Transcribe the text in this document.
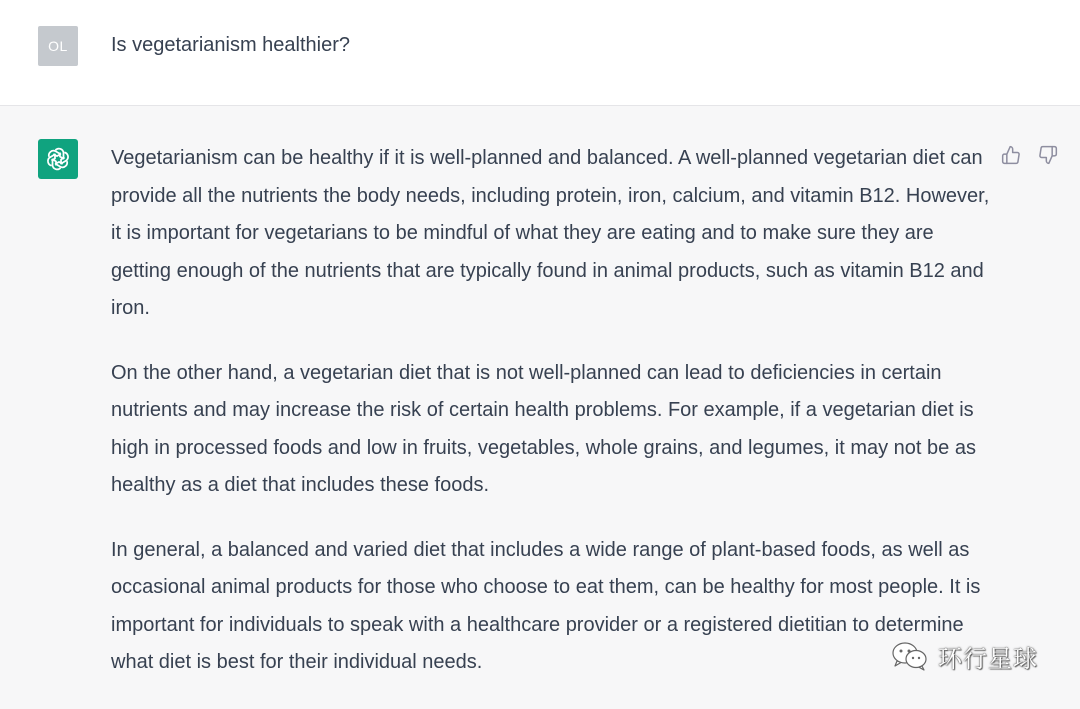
OL Is vegetarianism healthier?

Vegetarianism can be healthy if it is well-planned and balanced. A well-planned vegetarian diet can provide all the nutrients the body needs, including protein, iron, calcium, and vitamin B12. However, it is important for vegetarians to be mindful of what they are eating and to make sure they are getting enough of the nutrients that are typically found in animal products, such as vitamin B12 and iron.

On the other hand, a vegetarian diet that is not well-planned can lead to deficiencies in certain nutrients and may increase the risk of certain health problems. For example, if a vegetarian diet is high in processed foods and low in fruits, vegetables, whole grains, and legumes, it may not be as healthy as a diet that includes these foods.

In general, a balanced and varied diet that includes a wide range of plant-based foods, as well as occasional animal products for those who choose to eat them, can be healthy for most people. It is important for individuals to speak with a healthcare provider or a registered dietitian to determine what diet is best for their individual needs.	环行星球
